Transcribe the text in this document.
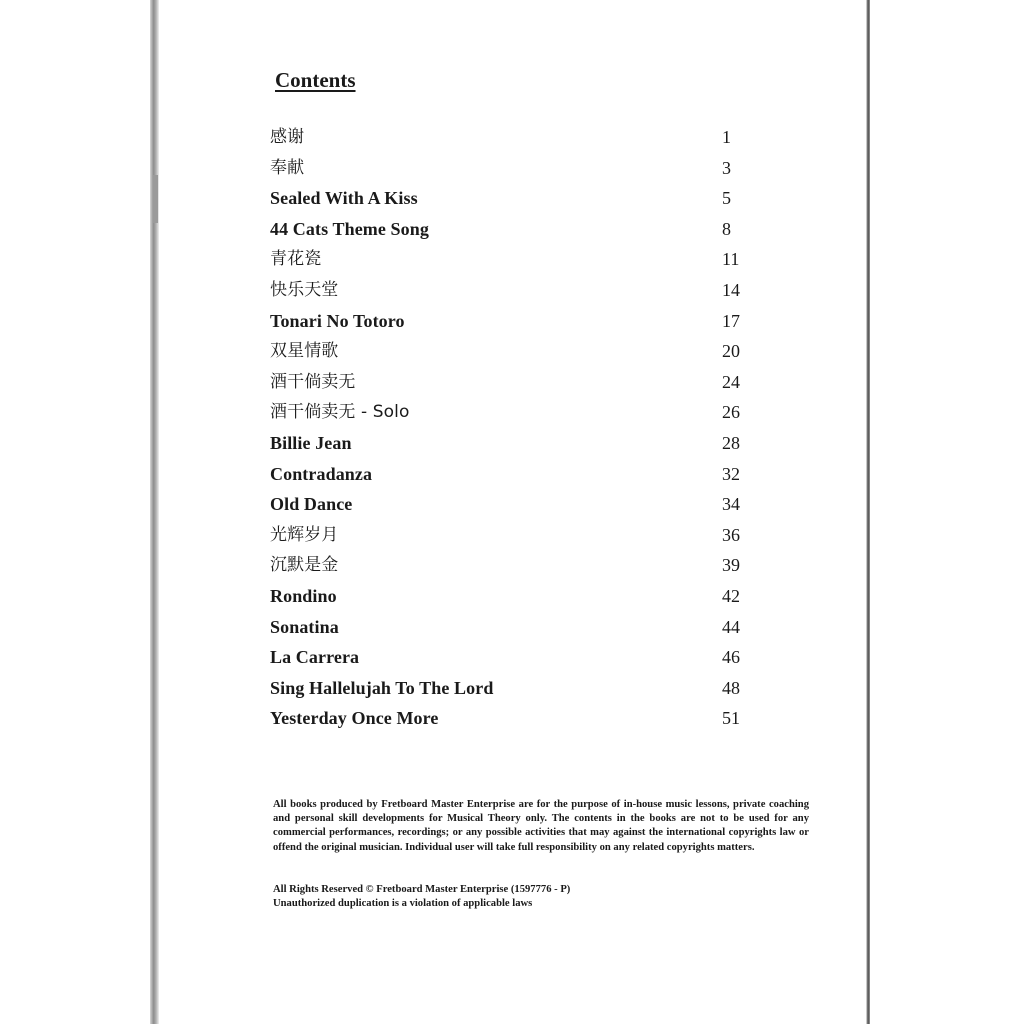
Contents
感谢	1
奉献	3
Sealed With A Kiss	5
44 Cats Theme Song	8
青花瓷	11
快乐天堂	14
Tonari No Totoro	17
双星情歌	20
酒干倘卖无	24
酒干倘卖无 - Solo	26
Billie Jean	28
Contradanza	32
Old Dance	34
光辉岁月	36
沉默是金	39
Rondino	42
Sonatina	44
La Carrera	46
Sing Hallelujah To The Lord	48
Yesterday Once More	51

All books produced by Fretboard Master Enterprise are for the purpose of in-house music lessons, private coaching and personal skill developments for Musical Theory only. The contents in the books are not to be used for any commercial performances, recordings; or any possible activities that may against the international copyrights law or offend the original musician. Individual user will take full responsibility on any related copyrights matters.

All Rights Reserved © Fretboard Master Enterprise (1597776 - P)
Unauthorized duplication is a violation of applicable laws
